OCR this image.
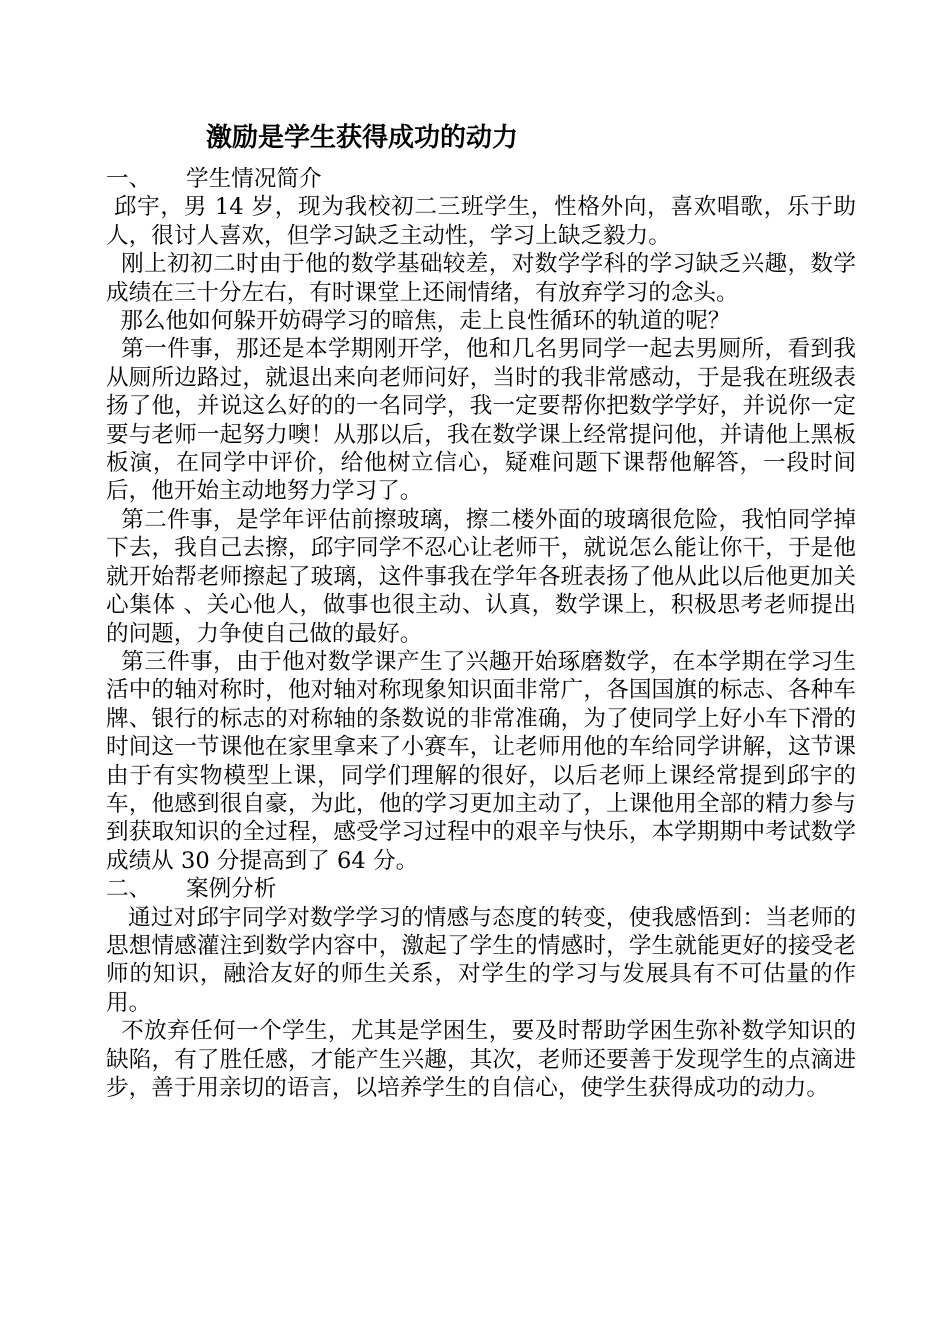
激励是学生获得成功的动力

一、 学生情况简介

邱宇，男 14 岁，现为我校初二三班学生，性格外向，喜欢唱歌，乐于助人，很讨人喜欢，但学习缺乏主动性，学习上缺乏毅力。

刚上初初二时由于他的数学基础较差，对数学学科的学习缺乏兴趣，数学成绩在三十分左右，有时课堂上还闹情绪，有放弃学习的念头。

那么他如何躲开妨碍学习的暗焦，走上良性循环的轨道的呢？

第一件事，那还是本学期刚开学，他和几名男同学一起去男厕所，看到我从厕所边路过，就退出来向老师问好，当时的我非常感动，于是我在班级表扬了他，并说这么好的的一名同学，我一定要帮你把数学学好，并说你一定要与老师一起努力噢！从那以后，我在数学课上经常提问他，并请他上黑板板演，在同学中评价，给他树立信心，疑难问题下课帮他解答，一段时间后，他开始主动地努力学习了。

第二件事，是学年评估前擦玻璃，擦二楼外面的玻璃很危险，我怕同学掉下去，我自己去擦，邱宇同学不忍心让老师干，就说怎么能让你干，于是他就开始帮老师擦起了玻璃，这件事我在学年各班表扬了他从此以后他更加关心集体 、关心他人，做事也很主动、认真，数学课上，积极思考老师提出的问题，力争使自己做的最好。

第三件事，由于他对数学课产生了兴趣开始琢磨数学，在本学期在学习生活中的轴对称时，他对轴对称现象知识面非常广，各国国旗的标志、各种车牌、银行的标志的对称轴的条数说的非常准确，为了使同学上好小车下滑的时间这一节课他在家里拿来了小赛车，让老师用他的车给同学讲解，这节课由于有实物模型上课，同学们理解的很好，以后老师上课经常提到邱宇的车，他感到很自豪，为此，他的学习更加主动了，上课他用全部的精力参与到获取知识的全过程，感受学习过程中的艰辛与快乐，本学期期中考试数学成绩从 30 分提高到了 64 分。

二、 案例分析

通过对邱宇同学对数学学习的情感与态度的转变，使我感悟到：当老师的思想情感灌注到数学内容中，激起了学生的情感时，学生就能更好的接受老师的知识，融洽友好的师生关系，对学生的学习与发展具有不可估量的作用。

不放弃任何一个学生，尤其是学困生，要及时帮助学困生弥补数学知识的缺陷，有了胜任感，才能产生兴趣，其次，老师还要善于发现学生的点滴进步，善于用亲切的语言，以培养学生的自信心，使学生获得成功的动力。
